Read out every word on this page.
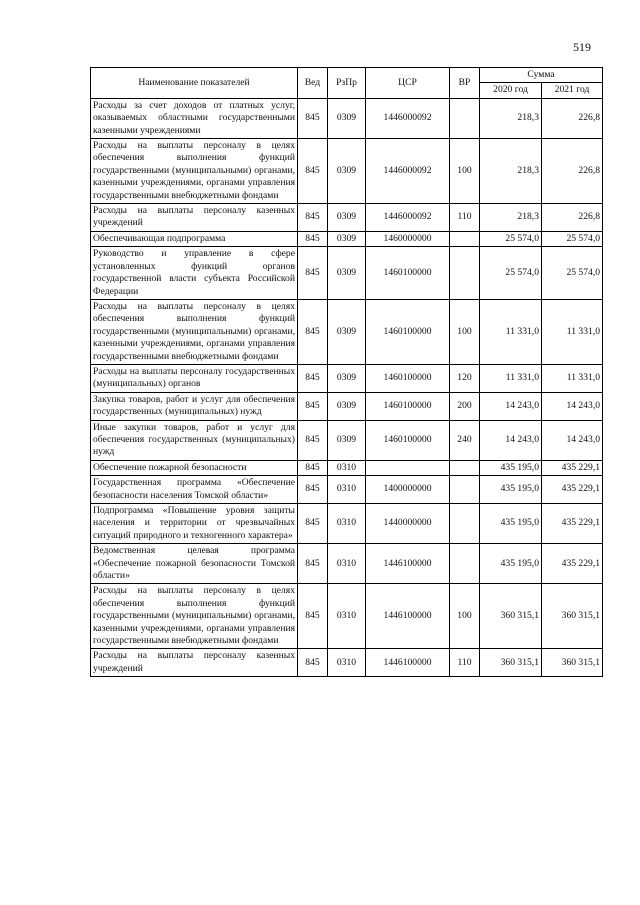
519
Наименование показателей	Вед	РзПр	ЦСР	ВР	Сумма	
					2020 год	2021 год
Расходы за счет доходов от платных услуг, оказываемых областными государственными казенными учреждениями	845	0309	1446000092		218,3	226,8
Расходы на выплаты персоналу в целях обеспечения выполнения функций государственными (муниципальными) органами, казенными учреждениями, органами управления государственными внебюджетными фондами	845	0309	1446000092	100	218,3	226,8
Расходы на выплаты персоналу казенных учреждений	845	0309	1446000092	110	218,3	226,8
Обеспечивающая подпрограмма	845	0309	1460000000		25 574,0	25 574,0
Руководство и управление в сфере установленных функций органов государственной власти субъекта Российской Федерации	845	0309	1460100000		25 574,0	25 574,0
Расходы на выплаты персоналу в целях обеспечения выполнения функций государственными (муниципальными) органами, казенными учреждениями, органами управления государственными внебюджетными фондами	845	0309	1460100000	100	11 331,0	11 331,0
Расходы на выплаты персоналу государственных (муниципальных) органов	845	0309	1460100000	120	11 331,0	11 331,0
Закупка товаров, работ и услуг для обеспечения государственных (муниципальных) нужд	845	0309	1460100000	200	14 243,0	14 243,0
Иные закупки товаров, работ и услуг для обеспечения государственных (муниципальных) нужд	845	0309	1460100000	240	14 243,0	14 243,0
Обеспечение пожарной безопасности	845	0310			435 195,0	435 229,1
Государственная программа «Обеспечение безопасности населения Томской области»	845	0310	1400000000		435 195,0	435 229,1
Подпрограмма «Повышение уровня защиты населения и территории от чрезвычайных ситуаций природного и техногенного характера»	845	0310	1440000000		435 195,0	435 229,1
Ведомственная целевая программа «Обеспечение пожарной безопасности Томской области»	845	0310	1446100000		435 195,0	435 229,1
Расходы на выплаты персоналу в целях обеспечения выполнения функций государственными (муниципальными) органами, казенными учреждениями, органами управления государственными внебюджетными фондами	845	0310	1446100000	100	360 315,1	360 315,1
Расходы на выплаты персоналу казенных учреждений	845	0310	1446100000	110	360 315,1	360 315,1
